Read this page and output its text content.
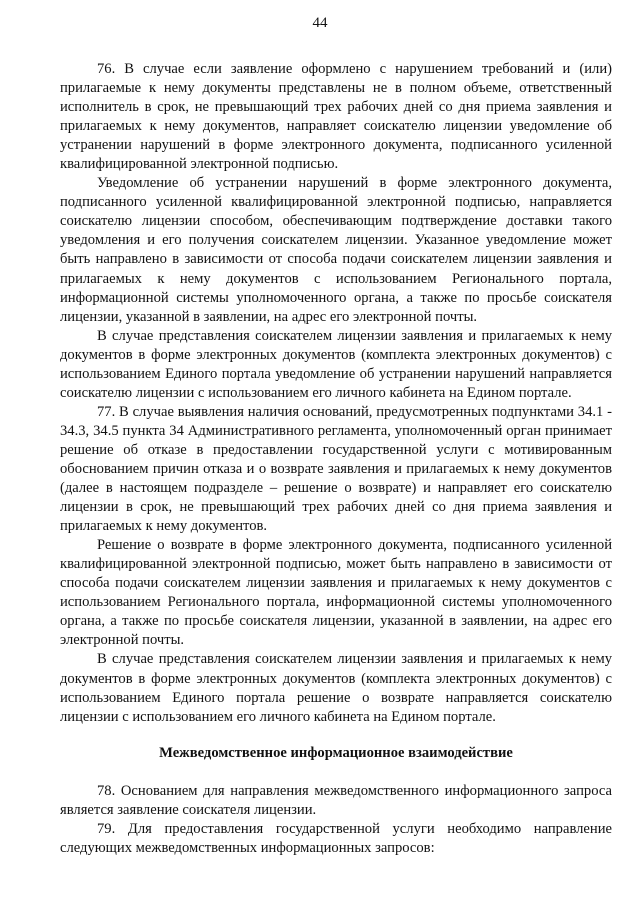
44

76. В случае если заявление оформлено с нарушением требований и (или) прилагаемые к нему документы представлены не в полном объеме, ответственный исполнитель в срок, не превышающий трех рабочих дней со дня приема заявления и прилагаемых к нему документов, направляет соискателю лицензии уведомление об устранении нарушений в форме электронного документа, подписанного усиленной квалифицированной электронной подписью.

Уведомление об устранении нарушений в форме электронного документа, подписанного усиленной квалифицированной электронной подписью, направляется соискателю лицензии способом, обеспечивающим подтверждение доставки такого уведомления и его получения соискателем лицензии. Указанное уведомление может быть направлено в зависимости от способа подачи соискателем лицензии заявления и прилагаемых к нему документов с использованием Регионального портала, информационной системы уполномоченного органа, а также по просьбе соискателя лицензии, указанной в заявлении, на адрес его электронной почты.

В случае представления соискателем лицензии заявления и прилагаемых к нему документов в форме электронных документов (комплекта электронных документов) с использованием Единого портала уведомление об устранении нарушений направляется соискателю лицензии с использованием его личного кабинета на Едином портале.

77. В случае выявления наличия оснований, предусмотренных подпунктами 34.1 - 34.3, 34.5 пункта 34 Административного регламента, уполномоченный орган принимает решение об отказе в предоставлении государственной услуги с мотивированным обоснованием причин отказа и о возврате заявления и прилагаемых к нему документов (далее в настоящем подразделе – решение о возврате) и направляет его соискателю лицензии в срок, не превышающий трех рабочих дней со дня приема заявления и прилагаемых к нему документов.

Решение о возврате в форме электронного документа, подписанного усиленной квалифицированной электронной подписью, может быть направлено в зависимости от способа подачи соискателем лицензии заявления и прилагаемых к нему документов с использованием Регионального портала, информационной системы уполномоченного органа, а также по просьбе соискателя лицензии, указанной в заявлении, на адрес его электронной почты.

В случае представления соискателем лицензии заявления и прилагаемых к нему документов в форме электронных документов (комплекта электронных документов) с использованием Единого портала решение о возврате направляется соискателю лицензии с использованием его личного кабинета на Едином портале.

Межведомственное информационное взаимодействие

78. Основанием для направления межведомственного информационного запроса является заявление соискателя лицензии.

79. Для предоставления государственной услуги необходимо направление следующих межведомственных информационных запросов:
